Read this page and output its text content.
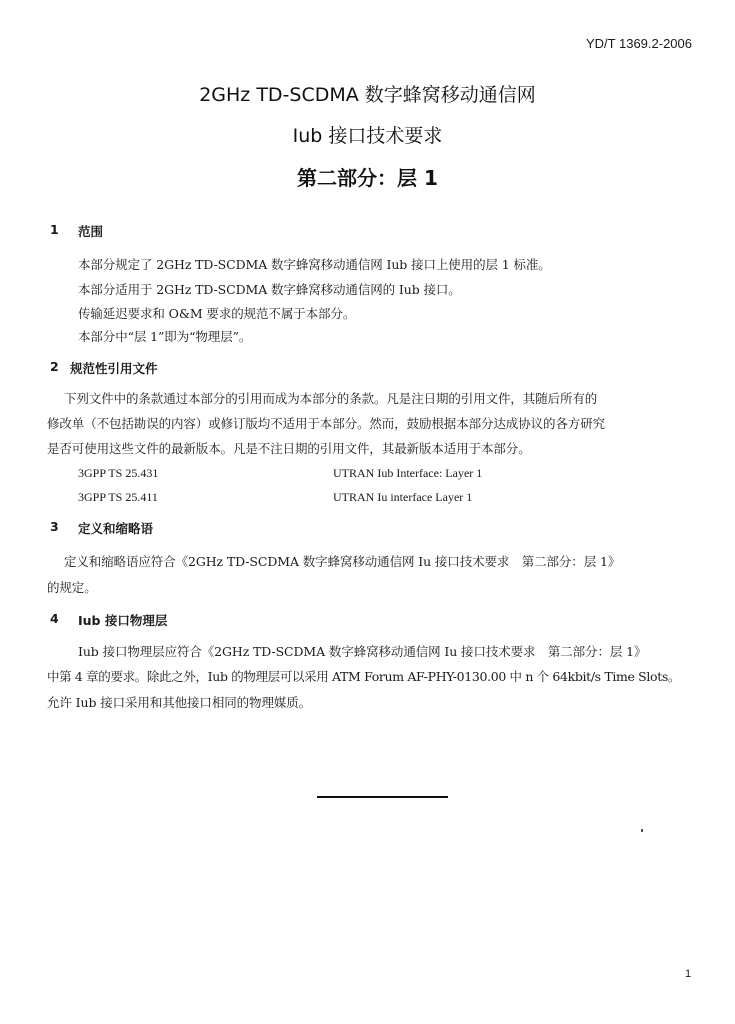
YD/T 1369.2-2006
2GHz TD-SCDMA 数字蜂窝移动通信网
Iub 接口技术要求
第二部分：层 1
1 范围
本部分规定了 2GHz TD-SCDMA 数字蜂窝移动通信网 Iub 接口上使用的层 1 标准。
本部分适用于 2GHz TD-SCDMA 数字蜂窝移动通信网的 Iub 接口。
传输延迟要求和 O&M 要求的规范不属于本部分。
本部分中“层 1”即为“物理层”。
2 规范性引用文件
下列文件中的条款通过本部分的引用而成为本部分的条款。凡是注日期的引用文件，其随后所有的
修改单（不包括勘误的内容）或修订版均不适用于本部分。然而，鼓励根据本部分达成协议的各方研究
是否可使用这些文件的最新版本。凡是不注日期的引用文件，其最新版本适用于本部分。
3GPP TS 25.431	UTRAN Iub Interface: Layer 1
3GPP TS 25.411	UTRAN Iu interface Layer 1
3 定义和缩略语
定义和缩略语应符合《2GHz TD-SCDMA 数字蜂窝移动通信网 Iu 接口技术要求　第二部分：层 1》
的规定。
4 Iub 接口物理层
Iub 接口物理层应符合《2GHz TD-SCDMA 数字蜂窝移动通信网 Iu 接口技术要求　第二部分：层 1》
中第 4 章的要求。除此之外，Iub 的物理层可以采用 ATM Forum AF-PHY-0130.00 中 n 个 64kbit/s Time Slots。
允许 Iub 接口采用和其他接口相同的物理媒质。
1
